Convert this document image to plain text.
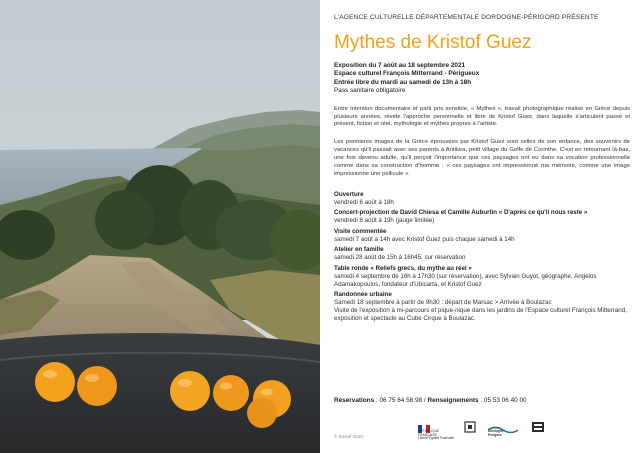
L'AGENCE CULTURELLE DÉPARTEMENTALE DORDOGNE-PÉRIGORD PRÉSENTE

Mythes de Kristof Guez
Exposition du 7 août au 18 septembre 2021
Espace culturel François Mitterrand - Périgueux
Entrée libre du mardi au samedi de 13h à 18h
Pass sanitaire obligatoire

Entre intention documentaire et parti pris sensible, « Mythes », travail photographique réalisé en Grèce depuis plusieurs années, révèle l'approche personnelle et libre de Kristof Guez, dans laquelle s'articulent passé et présent, fiction et réel, mythologie et mythes propres à l'artiste.

Les premières images de la Grèce éprouvées par Kristof Guez sont celles de son enfance, des souvenirs de vacances qu'il passait avec ses parents à Antikira, petit village du Golfe de Corinthe. C'est en retournant là-bas, une fois devenu adulte, qu'il perçoit l'importance que ces paysages ont eu dans sa vocation professionnelle comme dans sa construction d'homme ; « ces paysages ont impressionné ma mémoire, comme une image impressionne une pellicule ».

Ouverture
vendredi 6 août à 18h
Concert-projection de David Chiesa et Camille Auburtin « D'après ce qu'il nous reste »
vendredi 6 août à 19h (jauge limitée)
Visite commentée
samedi 7 août à 14h avec Kristof Guez puis chaque samedi à 14h
Atelier en famille
samedi 28 août de 15h à 16h45, sur réservation
Table ronde « Reliefs grecs, du mythe au réel »
samedi 4 septembre de 16h à 17h30 (sur réservation), avec Sylvain Guyot, géographe, Angelos Adamakopoulos, fondateur d'Ubicarta, et Kristof Guez
Randonnée urbaine
Samedi 18 septembre à partir de 9h30 : départ de Marsac > Arrivée à Boulazac
Visite de l'exposition à mi-parcours et pique-nique dans les jardins de l'Espace culturel François Mitterrand, exposition et spectacle au Cube Cirque à Boulazac.
Réservations : 06 75 64 58 98 / Renseignements : 05 53 06 40 00
© Kristof Guez
RÉPUBLIQUE
FRANÇAISE
Liberté Égalité Fraternité
Dordogne
Périgord
